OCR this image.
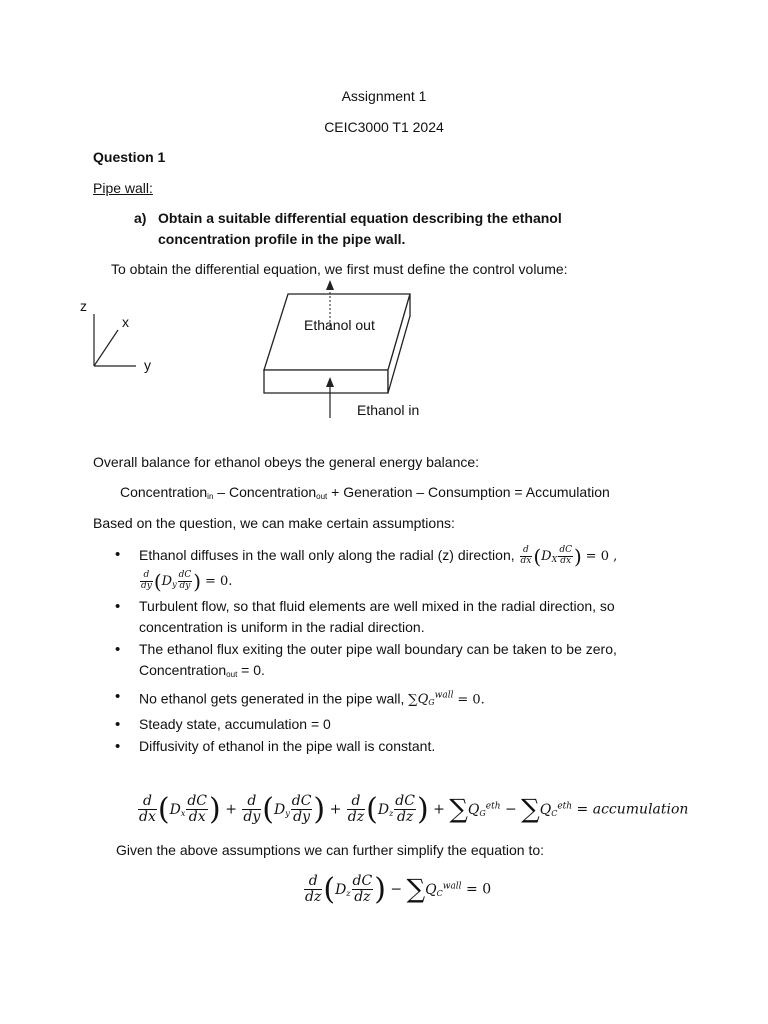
Assignment 1
CEIC3000 T1 2024
Question 1
Pipe wall:
a) Obtain a suitable differential equation describing the ethanol
concentration profile in the pipe wall.
To obtain the differential equation, we first must define the control volume:
z
x
y
Ethanol out
Ethanol in
Overall balance for ethanol obeys the general energy balance:
Concentration$_{in}$ – Concentration$_{out}$ + Generation – Consumption = Accumulation
Based on the question, we can make certain assumptions:
• Ethanol diffuses in the wall only along the radial (z) direction, $\frac{d}{dx} (D_X \frac{dC}{dx}$ ) = 0 ,

$\frac{d}{dy} (D_y \frac{dC}{dy}$ ) = 0.
• Turbulent flow, so that fluid elements are well mixed in the radial direction, so
concentration is uniform in the radial direction.
• The ethanol flux exiting the outer pipe wall boundary can be taken to be zero,
Concentration$_{out}$ = 0.
• No ethanol gets generated in the pipe wall, $\sum Q_G^{wall} = 0$.
• Steady state, accumulation = 0
• Diffusivity of ethanol in the pipe wall is constant.
$\frac{d}{dx} (D_x \frac{dC}{dx}$ ) + $\frac{d}{dy} (D_y \frac{dC}{dy}$ ) + $\frac{d}{dz} (D_z \frac{dC}{dz}$ ) + $\sum Q_G^{eth} - \sum Q_C^{eth}$ = accumulation
Given the above assumptions we can further simplify the equation to:
$\frac{d}{dz} (D_z \frac{dC}{dz}$ ) − $\sum Q_C^{wall} = 0$
